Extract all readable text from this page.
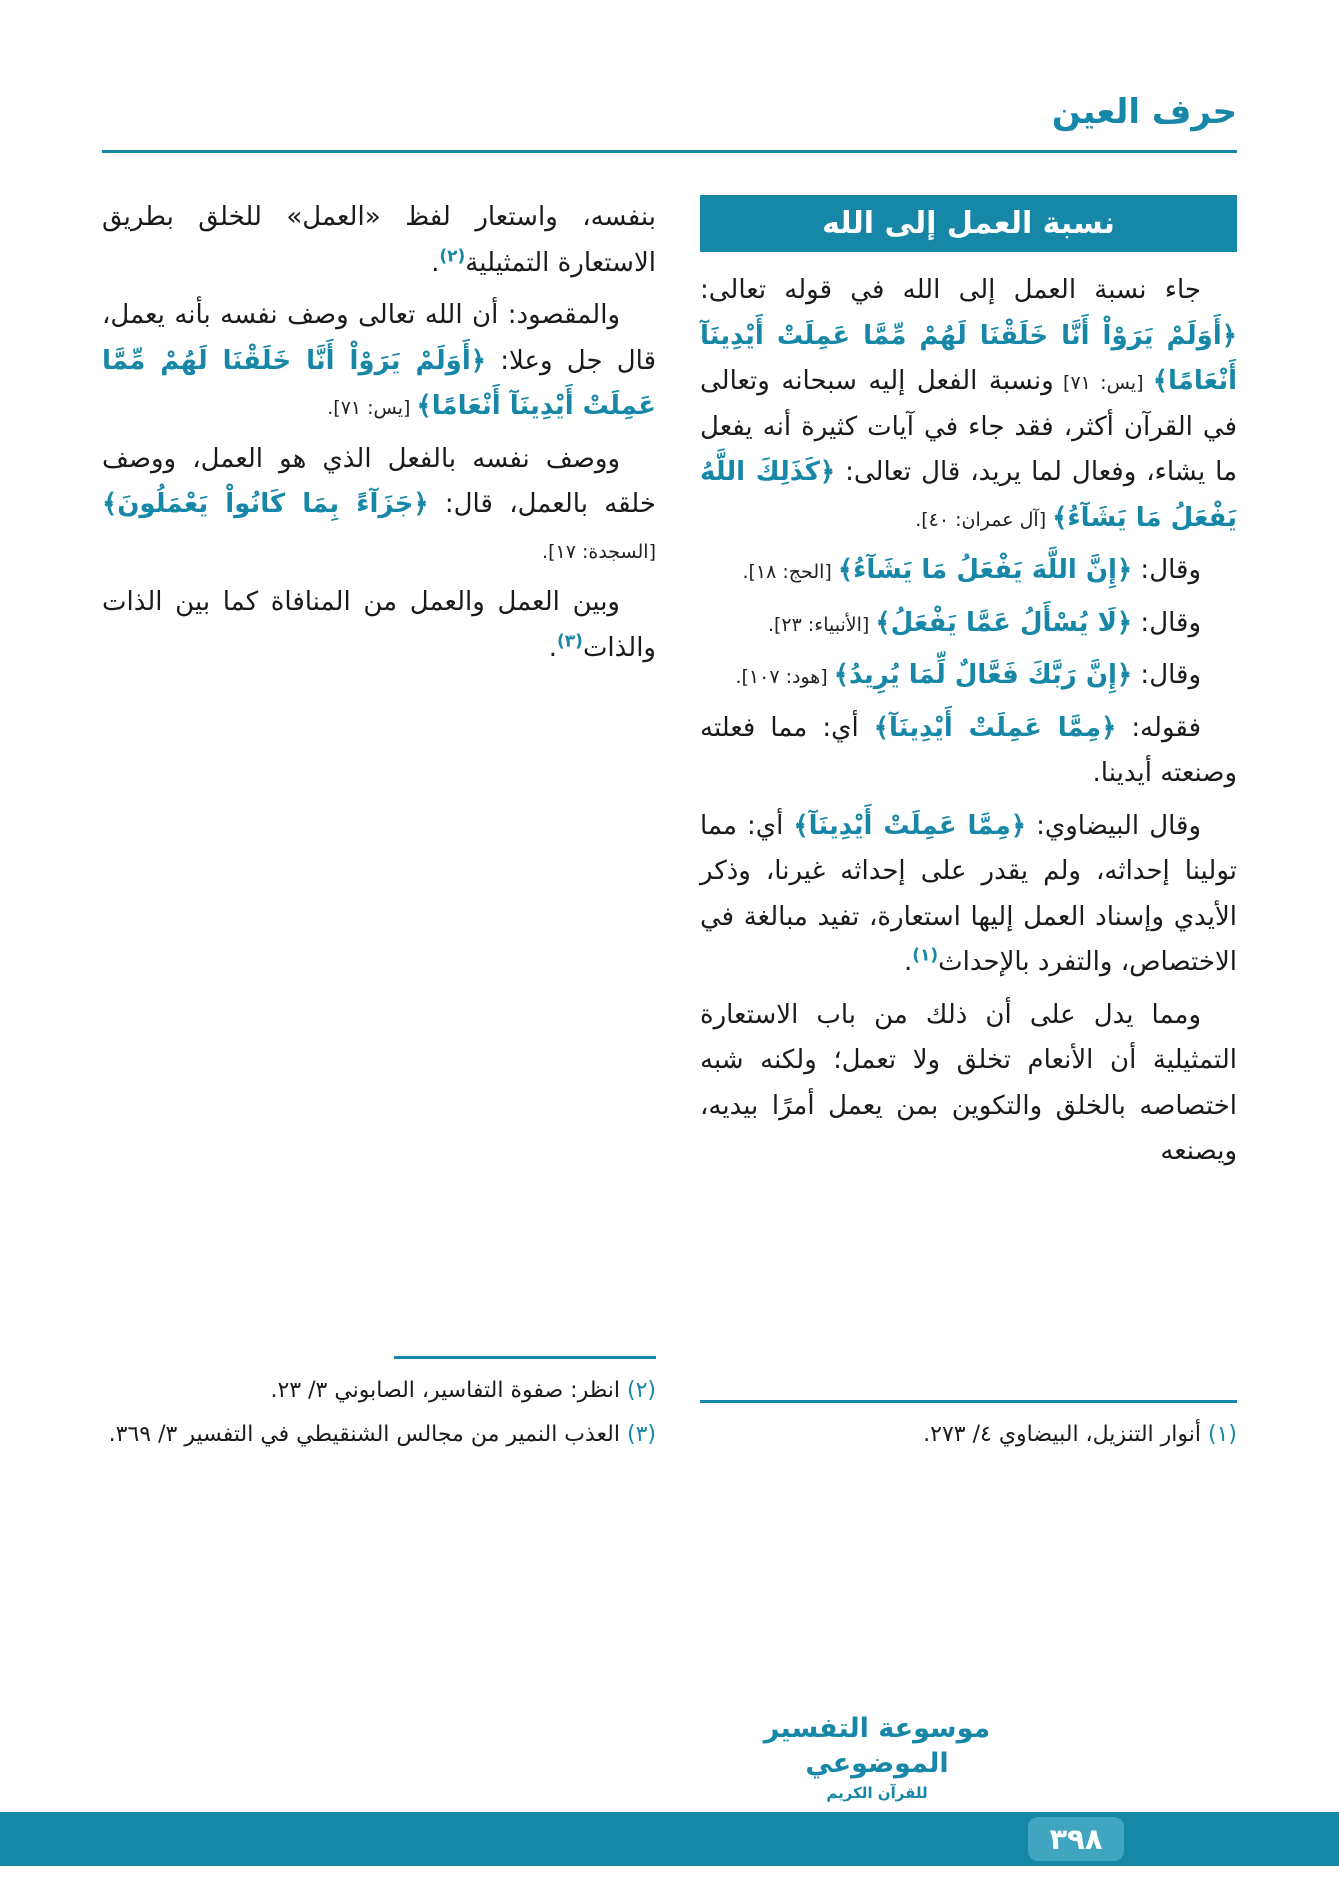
حرف العين
نسبة العمل إلى الله

جاء نسبة العمل إلى الله في قوله تعالى: ﴿أَوَلَمْ يَرَوْاْ أَنَّا خَلَقْنَا لَهُمْ مِّمَّا عَمِلَتْ أَيْدِينَآ أَنْعَامًا﴾ [يس: ٧١] ونسبة الفعل إليه سبحانه وتعالى في القرآن أكثر، فقد جاء في آيات كثيرة أنه يفعل ما يشاء، وفعال لما يريد، قال تعالى: ﴿كَذَلِكَ اللَّهُ يَفْعَلُ مَا يَشَآءُ﴾ [آل عمران: ٤٠].

وقال: ﴿إِنَّ اللَّهَ يَفْعَلُ مَا يَشَآءُ﴾ [الحج: ١٨].

وقال: ﴿لَا يُسْأَلُ عَمَّا يَفْعَلُ﴾ [الأنبياء: ٢٣].

وقال: ﴿إِنَّ رَبَّكَ فَعَّالٌ لِّمَا يُرِيدُ﴾ [هود: ١٠٧].

فقوله: ﴿مِمَّا عَمِلَتْ أَيْدِينَآ﴾ أي: مما فعلته وصنعته أيدينا.

وقال البيضاوي: ﴿مِمَّا عَمِلَتْ أَيْدِينَآ﴾ أي: مما تولينا إحداثه، ولم يقدر على إحداثه غيرنا، وذكر الأيدي وإسناد العمل إليها استعارة، تفيد مبالغة في الاختصاص، والتفرد بالإحداث$^{(١)}$.

ومما يدل على أن ذلك من باب الاستعارة التمثيلية أن الأنعام تخلق ولا تعمل؛ ولكنه شبه اختصاصه بالخلق والتكوين بمن يعمل أمرًا بيديه، ويصنعه

(١) أنوار التنزيل، البيضاوي ٤/ ٢٧٣.

بنفسه، واستعار لفظ «العمل» للخلق بطريق الاستعارة التمثيلية$^{(٢)}$.

والمقصود: أن الله تعالى وصف نفسه بأنه يعمل، قال جل وعلا: ﴿أَوَلَمْ يَرَوْاْ أَنَّا خَلَقْنَا لَهُمْ مِّمَّا عَمِلَتْ أَيْدِينَآ أَنْعَامًا﴾ [يس: ٧١].

ووصف نفسه بالفعل الذي هو العمل، ووصف خلقه بالعمل، قال: ﴿جَزَآءً بِمَا كَانُواْ يَعْمَلُونَ﴾ [السجدة: ١٧].

وبين العمل والعمل من المنافاة كما بين الذات والذات$^{(٣)}$.

(٢) انظر: صفوة التفاسير، الصابوني ٣/ ٢٣.

(٣) العذب النمير من مجالس الشنقيطي في التفسير ٣/ ٣٦٩.

موسوعة التفسير الموضوعي
للقرآن الكريم
٣٩٨
